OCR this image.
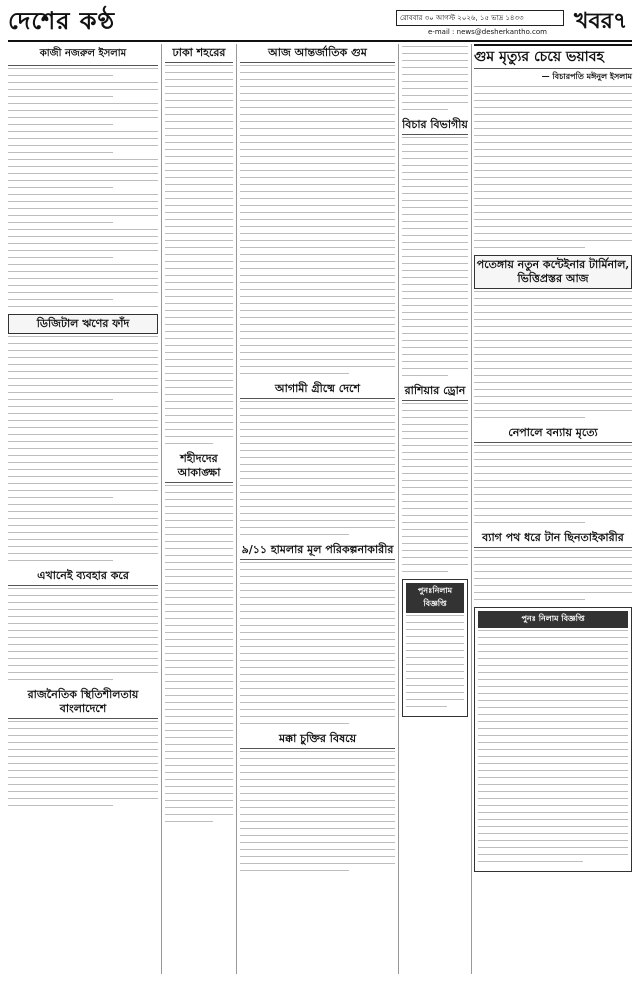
দেশের কণ্ঠ	রোববার ৩০ আগস্ট ২০২৬, ১৫ ভাদ্র ১৪৩৩
e-mail : news@desherkantho.com খবর ৭
কাজী নজরুল ইসলাম
ডিজিটাল ঋণের ফাঁদ
এখানেই ব্যবহার করে
রাজনৈতিক স্থিতিশীলতায় বাংলাদেশে
ঢাকা শহরের
শহীদদের আকাঙ্ক্ষা
আজ আন্তর্জাতিক গুম
আগামী গ্রীষ্মে দেশে
৯/১১ হামলার মূল পরিকল্পনাকারীর
মক্কা চুক্তির বিষয়ে
বিচার বিভাগীয়
রাশিয়ার ড্রোন
পুনঃনিলাম বিজ্ঞপ্তি
গুম মৃত্যুর চেয়ে ভয়াবহ
— বিচারপতি মঈনুল ইসলাম
পতেঙ্গায় নতুন কন্টেইনার টার্মিনাল, ভিত্তিপ্রস্তর আজ
নেপালে বন্যায় মৃত্যে
ব্যাগ পথ ধরে টান ছিনতাইকারীর
পুনঃ নিলাম বিজ্ঞপ্তি
